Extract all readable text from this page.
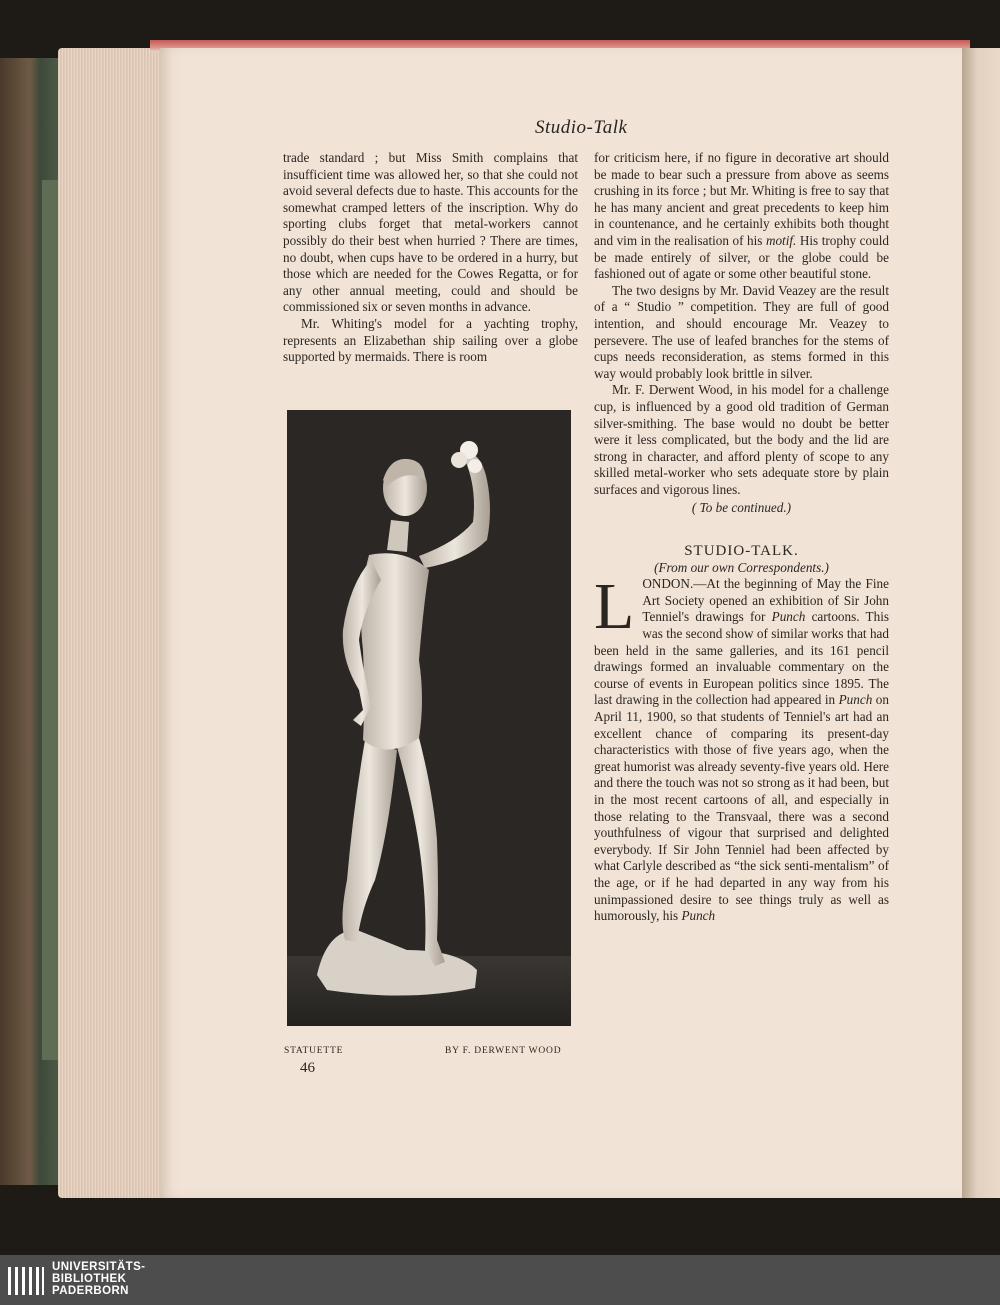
Studio-Talk

trade standard ; but Miss Smith complains that insufficient time was allowed her, so that she could not avoid several defects due to haste. This accounts for the somewhat cramped letters of the inscription. Why do sporting clubs forget that metal-workers cannot possibly do their best when hurried ? There are times, no doubt, when cups have to be ordered in a hurry, but those which are needed for the Cowes Regatta, or for any other annual meeting, could and should be commissioned six or seven months in advance.

Mr. Whiting's model for a yachting trophy, represents an Elizabethan ship sailing over a globe supported by mermaids. There is room

STATUETTE	BY F. DERWENT WOOD
46

for criticism here, if no figure in decorative art should be made to bear such a pressure from above as seems crushing in its force ; but Mr. Whiting is free to say that he has many ancient and great precedents to keep him in countenance, and he certainly exhibits both thought and vim in the realisation of his motif. His trophy could be made entirely of silver, or the globe could be fashioned out of agate or some other beautiful stone.

The two designs by Mr. David Veazey are the result of a “ Studio ” competition. They are full of good intention, and should encourage Mr. Veazey to persevere. The use of leafed branches for the stems of cups needs reconsideration, as stems formed in this way would probably look brittle in silver.

Mr. F. Derwent Wood, in his model for a challenge cup, is influenced by a good old tradition of German silver-smithing. The base would no doubt be better were it less complicated, but the body and the lid are strong in character, and afford plenty of scope to any skilled metal-worker who sets adequate store by plain surfaces and vigorous lines.

( To be continued.)

STUDIO-TALK.

(From our own Correspondents.)

LONDON.—At the beginning of May the Fine Art Society opened an exhibition of Sir John Tenniel's drawings for Punch cartoons. This was the second show of similar works that had been held in the same galleries, and its 161 pencil drawings formed an invaluable commentary on the course of events in European politics since 1895. The last drawing in the collection had appeared in Punch on April 11, 1900, so that students of Tenniel's art had an excellent chance of comparing its present-day characteristics with those of five years ago, when the great humorist was already seventy-five years old. Here and there the touch was not so strong as it had been, but in the most recent cartoons of all, and especially in those relating to the Transvaal, there was a second youthfulness of vigour that surprised and delighted everybody. If Sir John Tenniel had been affected by what Carlyle described as “the sick senti-mentalism” of the age, or if he had departed in any way from his unimpassioned desire to see things truly as well as humorously, his Punch

UNIVERSITÄTS-
BIBLIOTHEK
PADERBORN
